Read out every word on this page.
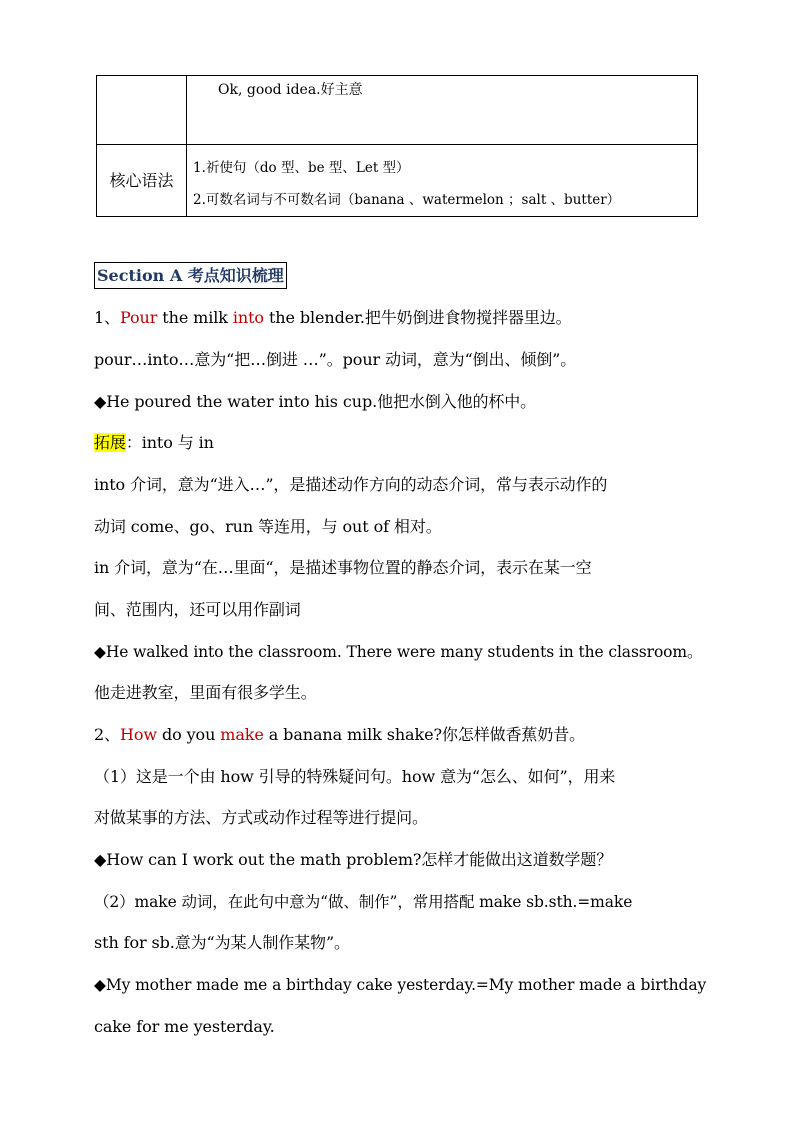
	Ok, good idea.好主意

核心语法	1.祈使句（do 型、be 型、Let 型）
2.可数名词与不可数名词（banana 、watermelon ；salt 、butter）
Section A 考点知识梳理
1、Pour the milk into the blender.把牛奶倒进食物搅拌器里边。
pour…into…意为“把…倒进 …”。pour 动词，意为“倒出、倾倒”。
◆He poured the water into his cup.他把水倒入他的杯中。
拓展：into 与 in
into 介词，意为“进入…”，是描述动作方向的动态介词，常与表示动作的
动词 come、go、run 等连用，与 out of 相对。
in 介词，意为“在…里面“，是描述事物位置的静态介词，表示在某一空
间、范围内，还可以用作副词
◆He walked into the classroom. There were many students in the classroom。
他走进教室，里面有很多学生。
2、How do you make a banana milk shake?你怎样做香蕉奶昔。
（1）这是一个由 how 引导的特殊疑问句。how 意为“怎么、如何”，用来
对做某事的方法、方式或动作过程等进行提问。
◆How can I work out the math problem?怎样才能做出这道数学题？
（2）make 动词，在此句中意为“做、制作”，常用搭配 make sb.sth.=make
sth for sb.意为“为某人制作某物”。
◆My mother made me a birthday cake yesterday.=My mother made a birthday
cake for me yesterday.
